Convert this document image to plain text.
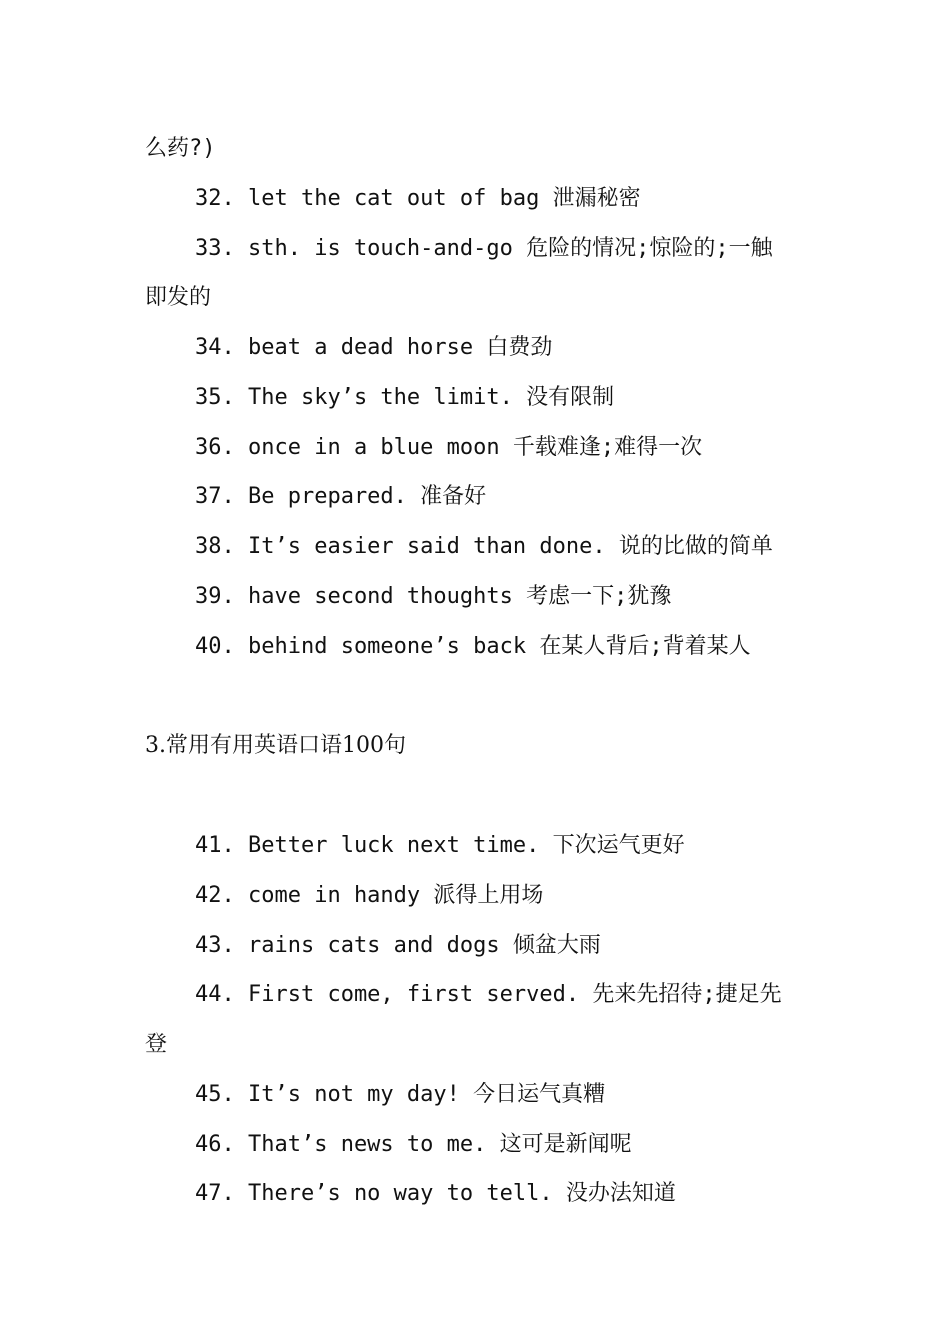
么药?)
32. let the cat out of bag 泄漏秘密
33. sth. is touch-and-go 危险的情况;惊险的;一触
即发的
34. beat a dead horse 白费劲
35. The sky’s the limit. 没有限制
36. once in a blue moon 千载难逢;难得一次
37. Be prepared. 准备好
38. It’s easier said than done. 说的比做的简单
39. have second thoughts 考虑一下;犹豫
40. behind someone’s back 在某人背后;背着某人
3.常用有用英语口语100句
41. Better luck next time. 下次运气更好
42. come in handy 派得上用场
43. rains cats and dogs 倾盆大雨
44. First come, first served. 先来先招待;捷足先
登
45. It’s not my day! 今日运气真糟
46. That’s news to me. 这可是新闻呢
47. There’s no way to tell. 没办法知道
